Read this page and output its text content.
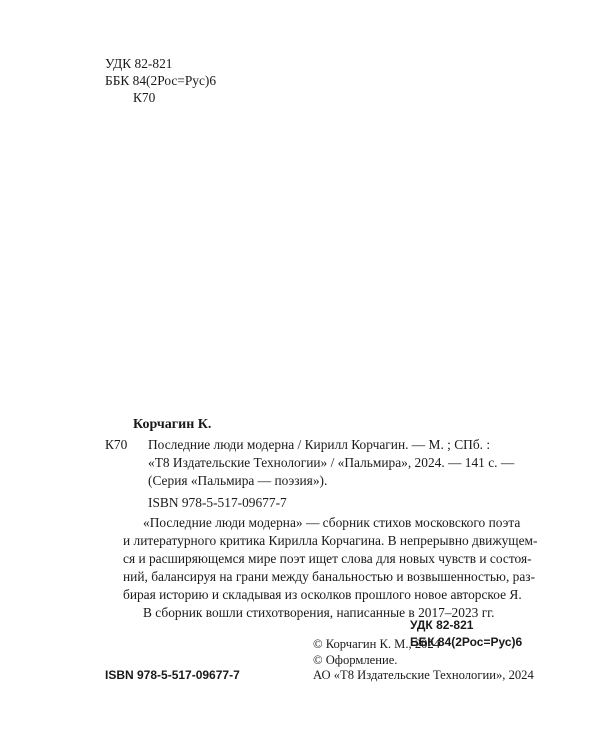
УДК 82-821
ББК 84(2Рос=Рус)6
К70
Корчагин К.
К70 Последние люди модерна / Кирилл Корчагин. — М. ; СПб. :
«Т8 Издательские Технологии» / «Пальмира», 2024. — 141 с. —
(Серия «Пальмира — поэзия»).
ISBN 978-5-517-09677-7
«Последние люди модерна» — сборник стихов московского поэта
и литературного критика Кирилла Корчагина. В непрерывно движущем-
ся и расширяющемся мире поэт ищет слова для новых чувств и состоя-
ний, балансируя на грани между банальностью и возвышенностью, раз-
бирая историю и складывая из осколков прошлого новое авторское Я.
В сборник вошли стихотворения, написанные в 2017–2023 гг.
УДК 82-821
ББК 84(2Рос=Рус)6
© Корчагин К. М., 2024
© Оформление.
АО «Т8 Издательские Технологии», 2024
ISBN 978-5-517-09677-7
